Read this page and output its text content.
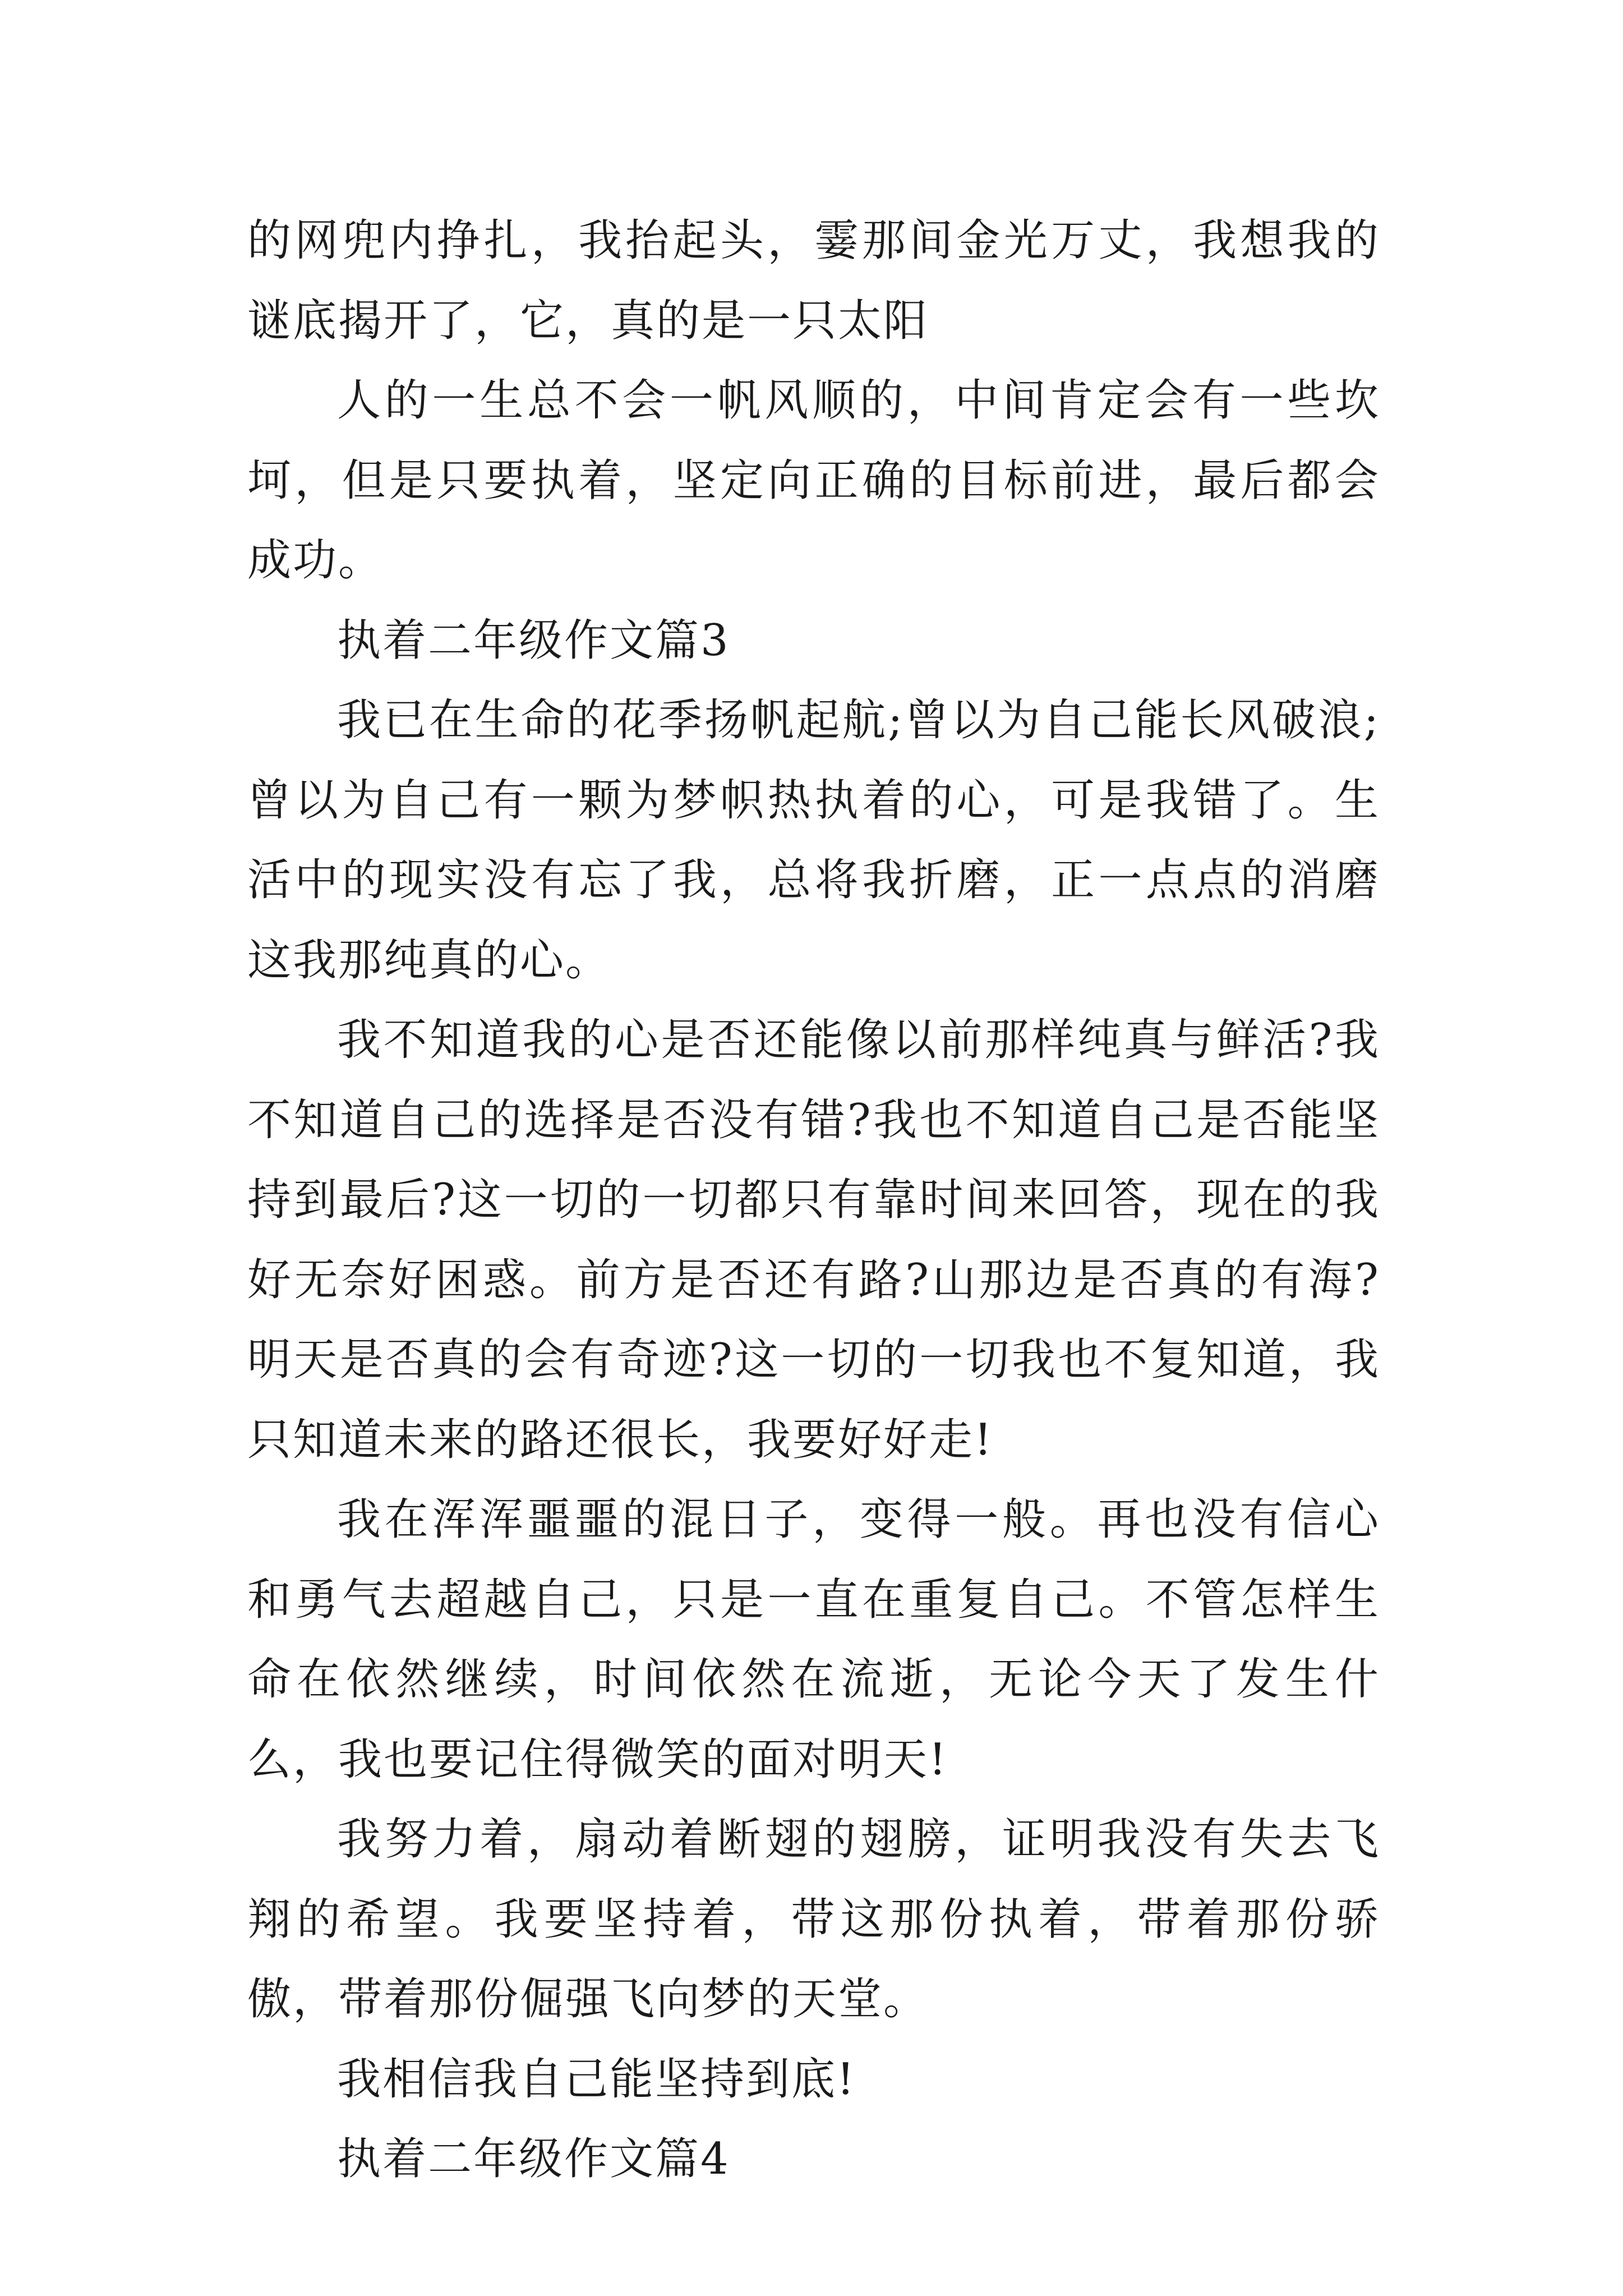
的网兜内挣扎，我抬起头，霎那间金光万丈，我想我的谜底揭开了，它，真的是一只太阳

人的一生总不会一帆风顺的，中间肯定会有一些坎坷，但是只要执着，坚定向正确的目标前进，最后都会成功。

执着二年级作文篇3

我已在生命的花季扬帆起航;曾以为自己能长风破浪;曾以为自己有一颗为梦帜热执着的心，可是我错了。生活中的现实没有忘了我，总将我折磨，正一点点的消磨这我那纯真的心。

我不知道我的心是否还能像以前那样纯真与鲜活?我不知道自己的选择是否没有错?我也不知道自己是否能坚持到最后?这一切的一切都只有靠时间来回答，现在的我好无奈好困惑。前方是否还有路?山那边是否真的有海?明天是否真的会有奇迹?这一切的一切我也不复知道，我只知道未来的路还很长，我要好好走!

我在浑浑噩噩的混日子，变得一般。再也没有信心和勇气去超越自己，只是一直在重复自己。不管怎样生命在依然继续，时间依然在流逝，无论今天了发生什么，我也要记住得微笑的面对明天!

我努力着，扇动着断翅的翅膀，证明我没有失去飞翔的希望。我要坚持着，带这那份执着，带着那份骄傲，带着那份倔强飞向梦的天堂。

我相信我自己能坚持到底!

执着二年级作文篇4
